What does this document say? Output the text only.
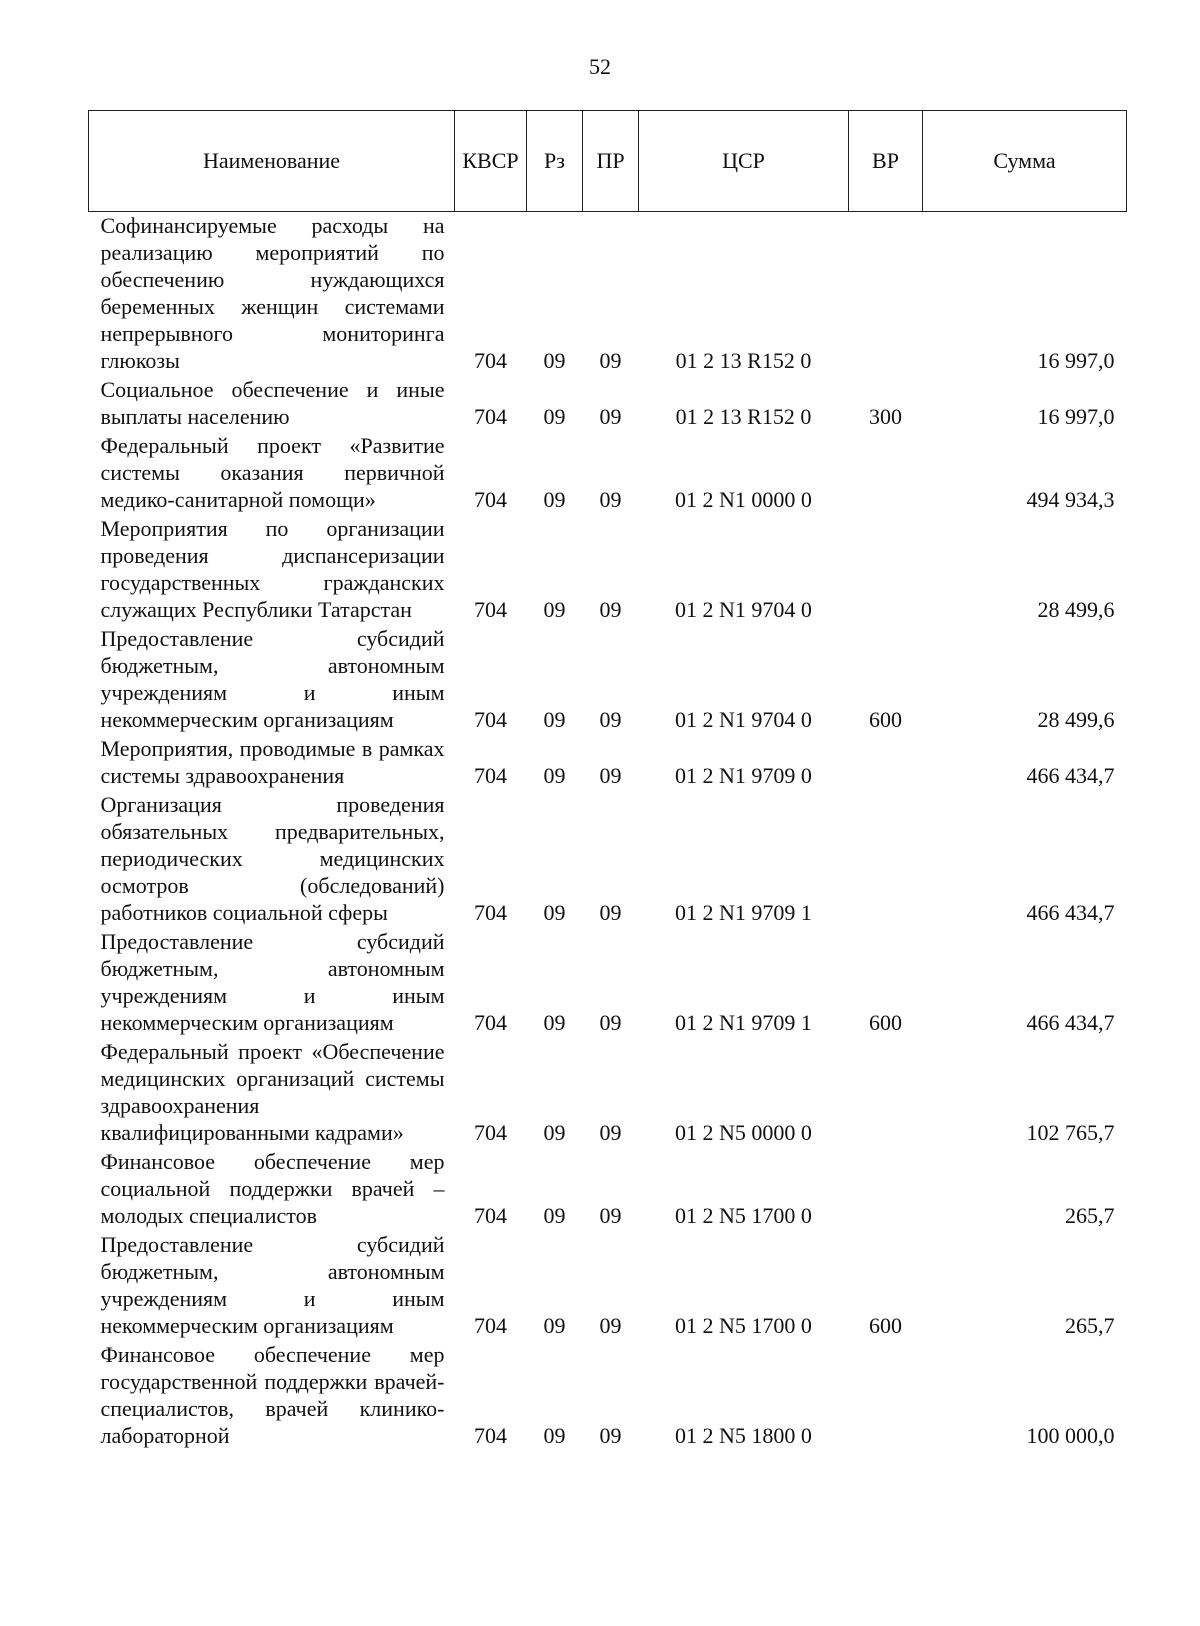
52
Наименование	КВСР	Рз	ПР	ЦСР	ВР	Сумма
Софинансируемые расходы на реализацию мероприятий по обеспечению нуждающихся беременных женщин системами непрерывного мониторинга глюкозы	704	09	09	01 2 13 R152 0		16 997,0
Социальное обеспечение и иные выплаты населению	704	09	09	01 2 13 R152 0	300	16 997,0
Федеральный проект «Развитие системы оказания первичной медико-санитарной помощи»	704	09	09	01 2 N1 0000 0		494 934,3
Мероприятия по организации проведения диспансеризации государственных гражданских служащих Республики Татарстан	704	09	09	01 2 N1 9704 0		28 499,6
Предоставление субсидий бюджетным, автономным учреждениям и иным некоммерческим организациям	704	09	09	01 2 N1 9704 0	600	28 499,6
Мероприятия, проводимые в рамках системы здравоохранения	704	09	09	01 2 N1 9709 0		466 434,7
Организация проведения обязательных предварительных, периодических медицинских осмотров (обследований) работников социальной сферы	704	09	09	01 2 N1 9709 1		466 434,7
Предоставление субсидий бюджетным, автономным учреждениям и иным некоммерческим организациям	704	09	09	01 2 N1 9709 1	600	466 434,7
Федеральный проект «Обеспечение медицинских организаций системы здравоохранения квалифицированными кадрами»	704	09	09	01 2 N5 0000 0		102 765,7
Финансовое обеспечение мер социальной поддержки врачей – молодых специалистов	704	09	09	01 2 N5 1700 0		265,7
Предоставление субсидий бюджетным, автономным учреждениям и иным некоммерческим организациям	704	09	09	01 2 N5 1700 0	600	265,7
Финансовое обеспечение мер государственной поддержки врачей-специалистов, врачей клинико-лабораторной	704	09	09	01 2 N5 1800 0		100 000,0
